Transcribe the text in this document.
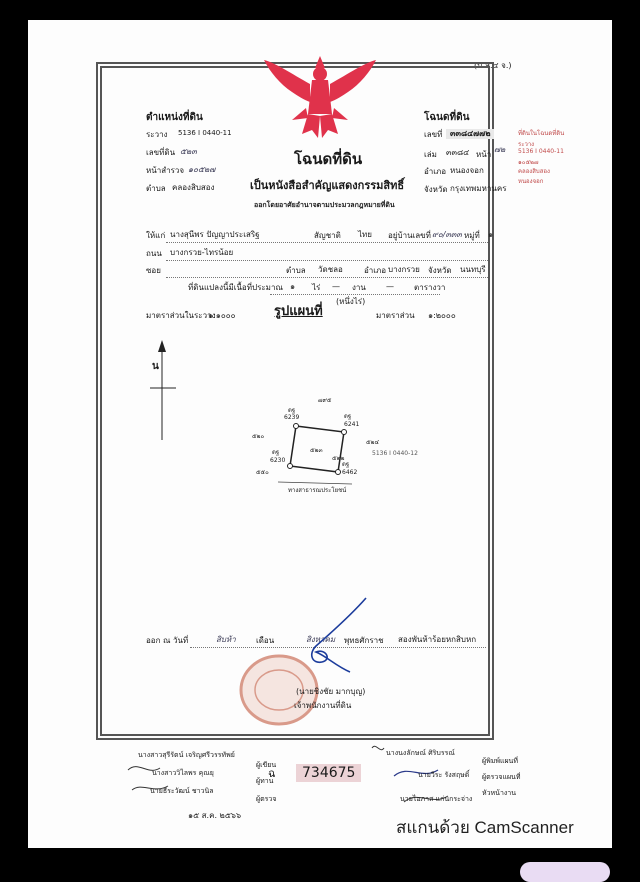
(น.ส.๔ จ.)
ตำแหน่งที่ดิน
ระวาง 5136 I 0440-11
เลขที่ดิน ๕๒๓
หน้าสำรวจ ๑๐๕๒๗
ตำบล คลองสิบสอง
โฉนดที่ดิน
เลขที่ ๓๓๘๔๗๗๒
เล่ม ๓๓๘๔ หน้า
๗๒
อำเภอ หนองจอก
จังหวัด กรุงเทพมหานคร
ที่ดินในโฉนดที่ดิน
ระวาง
5136 I 0440-11
๑๐๕๒๗
คลองสิบสอง
หนองจอก
โฉนดที่ดิน
เป็นหนังสือสำคัญแสดงกรรมสิทธิ์
ออกโดยอาศัยอำนาจตามประมวลกฎหมายที่ดิน
ให้แก่ นางสุนีพร ปัญญาประเสริฐ	สัญชาติ ไทย อยู่บ้านเลขที่ ๙๐/๓๓๓ หมู่ที่ ๑
ถนน บางกรวย-ไทรน้อย
ซอย	ตำบล วัดชลอ	อำเภอ บางกรวย จังหวัด นนทบุรี
ที่ดินแปลงนี้มีเนื้อที่ประมาณ ๑ ไร่ — งาน	—	ตารางวา
(หนึ่งไร่)
มาตราส่วนในระวาง
๑:๑๐๐๐	รูปแผนที่	มาตราส่วน ๑:๒๐๐๐
น
ดฐ
6239	ดฐ
6241
ดฐ
6230
ดฐ
6462
๕๒๓
๗๙๕
๕๒๐
๕๒๔
๕๕๐
๕๒๒
5136 I 0440-12
ทางสาธารณประโยชน์
ออก ณ วันที่	สิบห้า	เดือน	สิงหาคม พุทธศักราช สองพันห้าร้อยหกสิบหก
(นายชิงชัย มากบุญ)
เจ้าพนักงานที่ดิน
นางสาวสุรีรัตน์ เจริญศรีวรรทัพย์
ผู้เขียน
นางสาววิไลพร คุณยุ
ผู้ทาน
นายธีระวัฒน์ ชาวนิล
ผู้ตรวจ
๑๕ ส.ค. ๒๕๖๖
ฉ	734675
นางนงลักษณ์ ศิริบรรณ์
ผู้พิมพ์แผนที่
นายวีระ รังสฤษดิ์ ผู้ตรวจแผนที่
นายไอภาส แก่นกระจ่าง
หัวหน้างาน
สแกนด้วย CamScanner
